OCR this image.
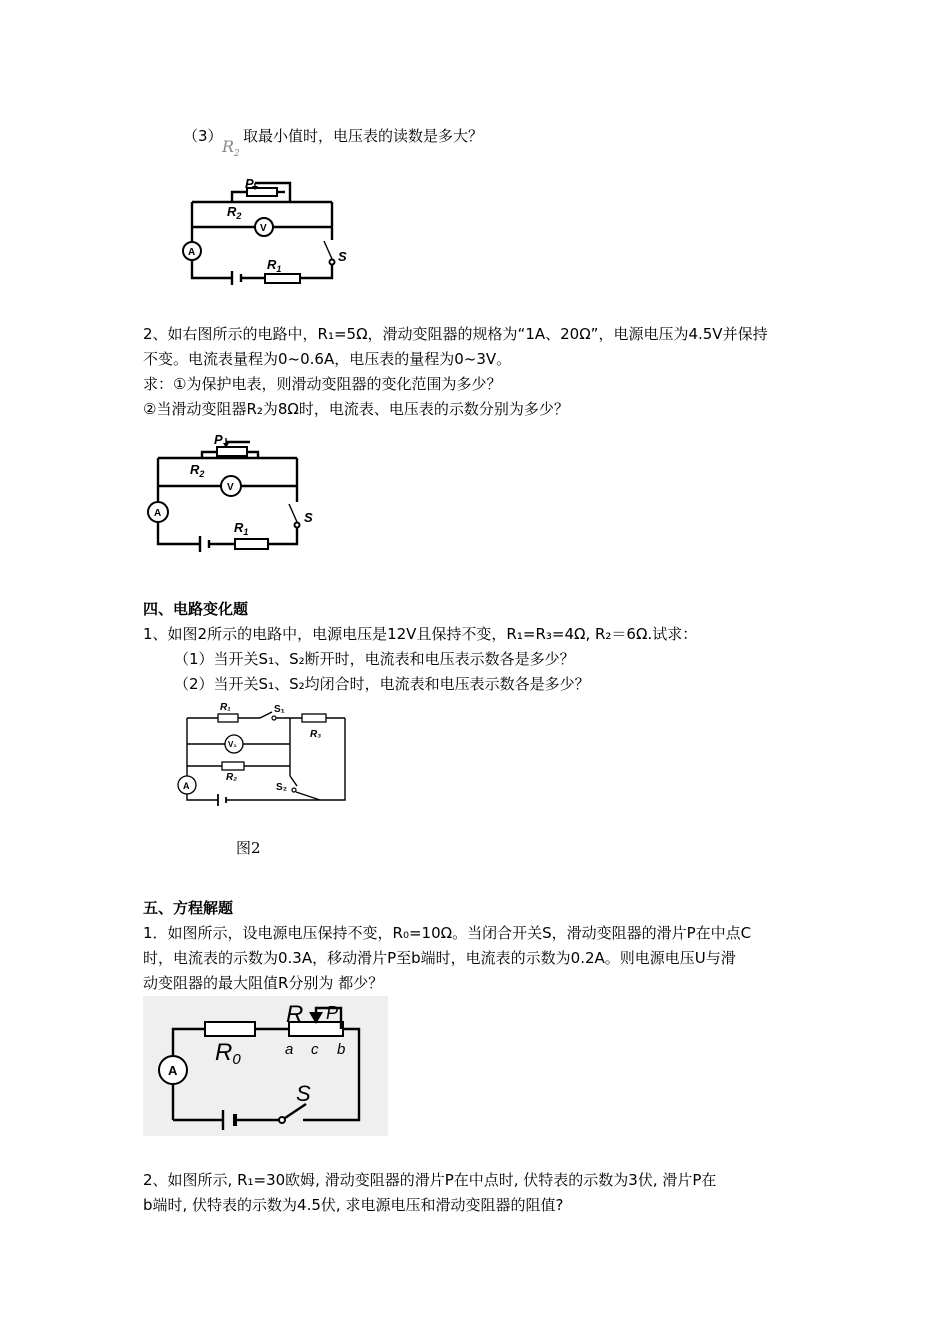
（3）
$R_2$
取最小值时，电压表的读数是多大？
P
V
$R_2$
A
$R_1$
S
2、如右图所示的电路中，R₁=5Ω，滑动变阻器的规格为“1A、20Ω”，电源电压为4.5V并保持
不变。电流表量程为0~0.6A，电压表的量程为0~3V。
求：①为保护电表，则滑动变阻器的变化范围为多少？
②当滑动变阻器R₂为8Ω时，电流表、电压表的示数分别为多少？
P
V
$R_2$
A
$R_1$
S
四、电路变化题
1、如图2所示的电路中，电源电压是12V且保持不变，R₁=R₃=4Ω, R₂＝6Ω.试求：
（1）当开关S₁、S₂断开时，电流表和电压表示数各是多少？
（2）当开关S₁、S₂均闭合时，电流表和电压表示数各是多少？
R₁	S₁
R₃
V₁
R₂
S₂
A
图2
五、方程解题
1．如图所示，设电源电压保持不变，R₀=10Ω。当闭合开关S，滑动变阻器的滑片P在中点C
时，电流表的示数为0.3A，移动滑片P至b端时，电流表的示数为0.2A。则电源电压U与滑
动变阻器的最大阻值R分别为 都少？
R0
R P
a c b
A
S
2、如图所示, R₁=30欧姆, 滑动变阻器的滑片P在中点时, 伏特表的示数为3伏, 滑片P在
b端时, 伏特表的示数为4.5伏, 求电源电压和滑动变阻器的阻值?
